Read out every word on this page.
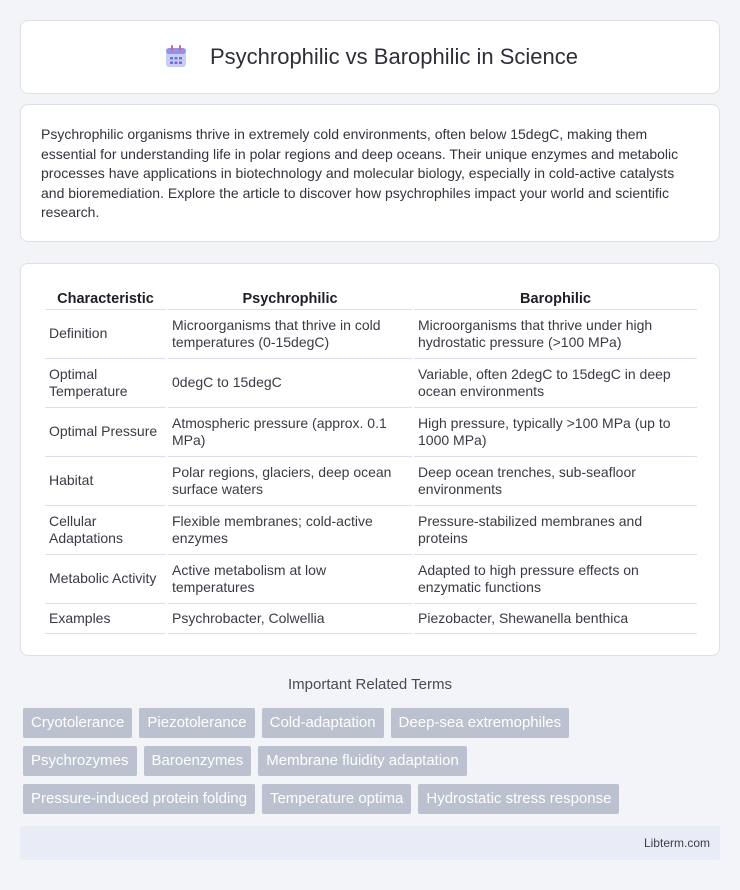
Psychrophilic vs Barophilic in Science

Psychrophilic organisms thrive in extremely cold environments, often below 15degC, making them essential for understanding life in polar regions and deep oceans. Their unique enzymes and metabolic processes have applications in biotechnology and molecular biology, especially in cold-active catalysts and bioremediation. Explore the article to discover how psychrophiles impact your world and scientific research.

Characteristic	Psychrophilic	Barophilic
Definition	Microorganisms that thrive in cold temperatures (0-15degC)	Microorganisms that thrive under high hydrostatic pressure (>100 MPa)
Optimal Temperature	0degC to 15degC	Variable, often 2degC to 15degC in deep ocean environments
Optimal Pressure	Atmospheric pressure (approx. 0.1 MPa)	High pressure, typically >100 MPa (up to 1000 MPa)
Habitat	Polar regions, glaciers, deep ocean surface waters	Deep ocean trenches, sub-seafloor environments
Cellular Adaptations	Flexible membranes; cold-active enzymes	Pressure-stabilized membranes and proteins
Metabolic Activity	Active metabolism at low temperatures	Adapted to high pressure effects on enzymatic functions
Examples	Psychrobacter, Colwellia	Piezobacter, Shewanella benthica
Important Related Terms
Cryotolerance	Piezotolerance	Cold-adaptation	Deep-sea extremophiles
Psychrozymes	Baroenzymes	Membrane fluidity adaptation
Pressure-induced protein folding	Temperature optima	Hydrostatic stress response
Libterm.com
